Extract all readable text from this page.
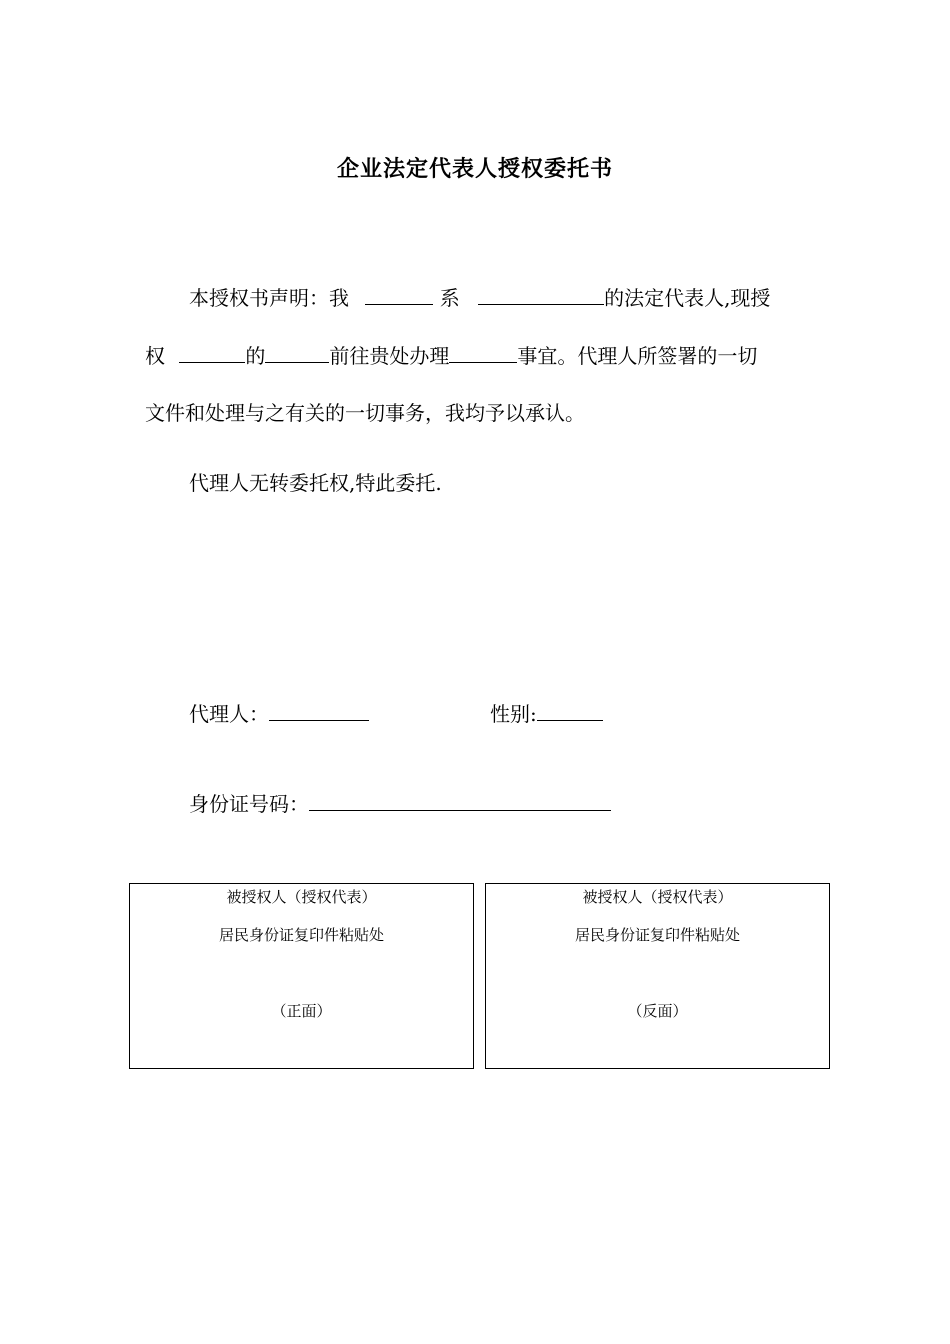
企业法定代表人授权委托书
本授权书声明：我	系	的法定代表人,现授
权	的	前往贵处办理	事宜。代理人所签署的一切
文件和处理与之有关的一切事务，我均予以承认。
代理人无转委托权,特此委托.
代理人：	性别:
身份证号码：
被授权人（授权代表）
居民身份证复印件粘贴处
（正面）
被授权人（授权代表）
居民身份证复印件粘贴处
（反面）
